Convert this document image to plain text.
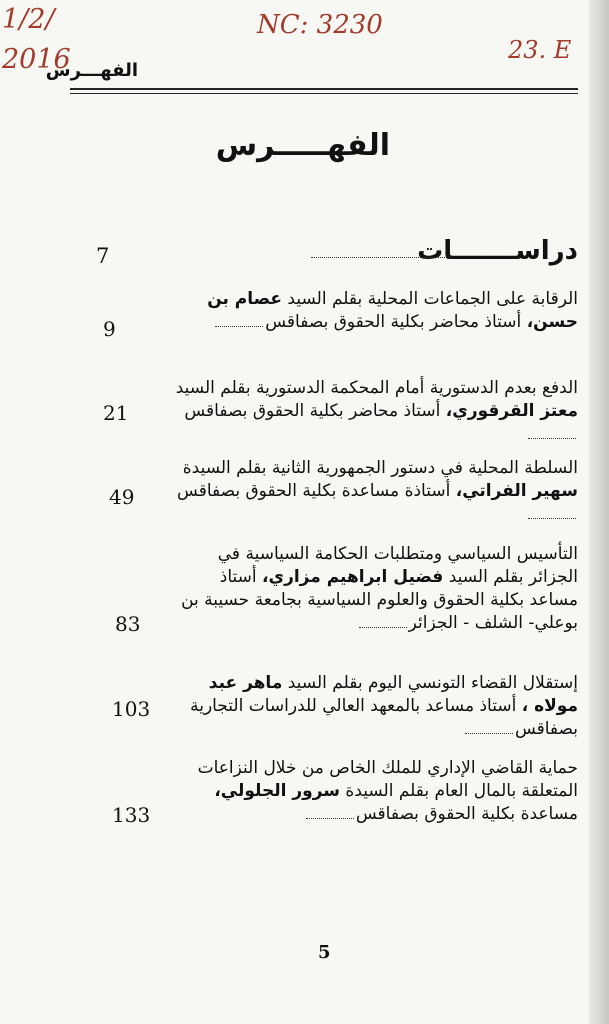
1/2/
2016
NC: 3230
23. E
الفهـــرس
الفهـــــرس
دراســـــــات
7
الرقابة على الجماعات المحلية بقلم السيد عصام بن حسن، أستاذ محاضر بكلية الحقوق بصفاقس
9
الدفع بعدم الدستورية أمام المحكمة الدستورية بقلم السيد معتز القرقوري، أستاذ محاضر بكلية الحقوق بصفاقس
21
السلطة المحلية في دستور الجمهورية الثانية بقلم السيدة سهير الفراتي، أستاذة مساعدة بكلية الحقوق بصفاقس
49
التأسيس السياسي ومتطلبات الحكامة السياسية في الجزائر بقلم السيد فضيل ابراهيم مزاري، أستاذ مساعد بكلية الحقوق والعلوم السياسية بجامعة حسيبة بن بوعلي- الشلف - الجزائر
83
إستقلال القضاء التونسي اليوم بقلم السيد ماهر عبد مولاه ، أستاذ مساعد بالمعهد العالي للدراسات التجارية بصفاقس
103
حماية القاضي الإداري للملك الخاص من خلال النزاعات المتعلقة بالمال العام بقلم السيدة سرور الجلولي، مساعدة بكلية الحقوق بصفاقس
133
5
